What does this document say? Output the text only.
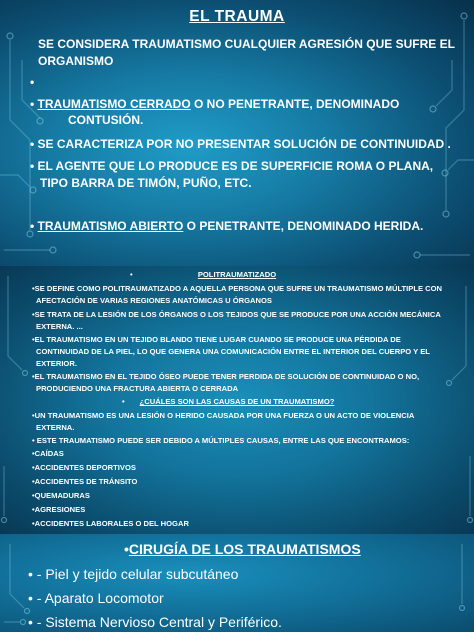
EL TRAUMA
SE CONSIDERA TRAUMATISMO CUALQUIER AGRESIÓN QUE SUFRE EL ORGANISMO
•
• TRAUMATISMO CERRADO O NO PENETRANTE, DENOMINADO
CONTUSIÓN.
• SE CARACTERIZA POR NO PRESENTAR SOLUCIÓN DE CONTINUIDAD .
• EL AGENTE QUE LO PRODUCE ES DE SUPERFICIE ROMA O PLANA,
TIPO BARRA DE TIMÓN, PUÑO, ETC.
• TRAUMATISMO ABIERTO O PENETRANTE, DENOMINADO HERIDA.
•	POLITRAUMATIZADO
•SE DEFINE COMO POLITRAUMATIZADO A AQUELLA PERSONA QUE SUFRE UN TRAUMATISMO MÚLTIPLE CON
AFECTACIÓN DE VARIAS REGIONES ANATÓMICAS U ÓRGANOS
•SE TRATA DE LA LESIÓN DE LOS ÓRGANOS O LOS TEJIDOS QUE SE PRODUCE POR UNA ACCIÓN MECÁNICA
EXTERNA. ...
•EL TRAUMATISMO EN UN TEJIDO BLANDO TIENE LUGAR CUANDO SE PRODUCE UNA PÉRDIDA DE
CONTINUIDAD DE LA PIEL, LO QUE GENERA UNA COMUNICACIÓN ENTRE EL INTERIOR DEL CUERPO Y EL
EXTERIOR.
•EL TRAUMATISMO EN EL TEJIDO ÓSEO PUEDE TENER PERDIDA DE SOLUCIÓN DE CONTINUIDAD O NO,
PRODUCIENDO UNA FRACTURA ABIERTA O CERRADA
•	¿CUÁLES SON LAS CAUSAS DE UN TRAUMATISMO?
•UN TRAUMATISMO ES UNA LESIÓN O HERIDO CAUSADA POR UNA FUERZA O UN ACTO DE VIOLENCIA
EXTERNA.
• ESTE TRAUMATISMO PUEDE SER DEBIDO A MÚLTIPLES CAUSAS, ENTRE LAS QUE ENCONTRAMOS:
•CAÍDAS
•ACCIDENTES DEPORTIVOS
•ACCIDENTES DE TRÁNSITO
•QUEMADURAS
•AGRESIONES
•ACCIDENTES LABORALES O DEL HOGAR
•CIRUGÍA DE LOS TRAUMATISMOS
• - Piel y tejido celular subcutáneo
• - Aparato Locomotor
• - Sistema Nervioso Central y Periférico.
